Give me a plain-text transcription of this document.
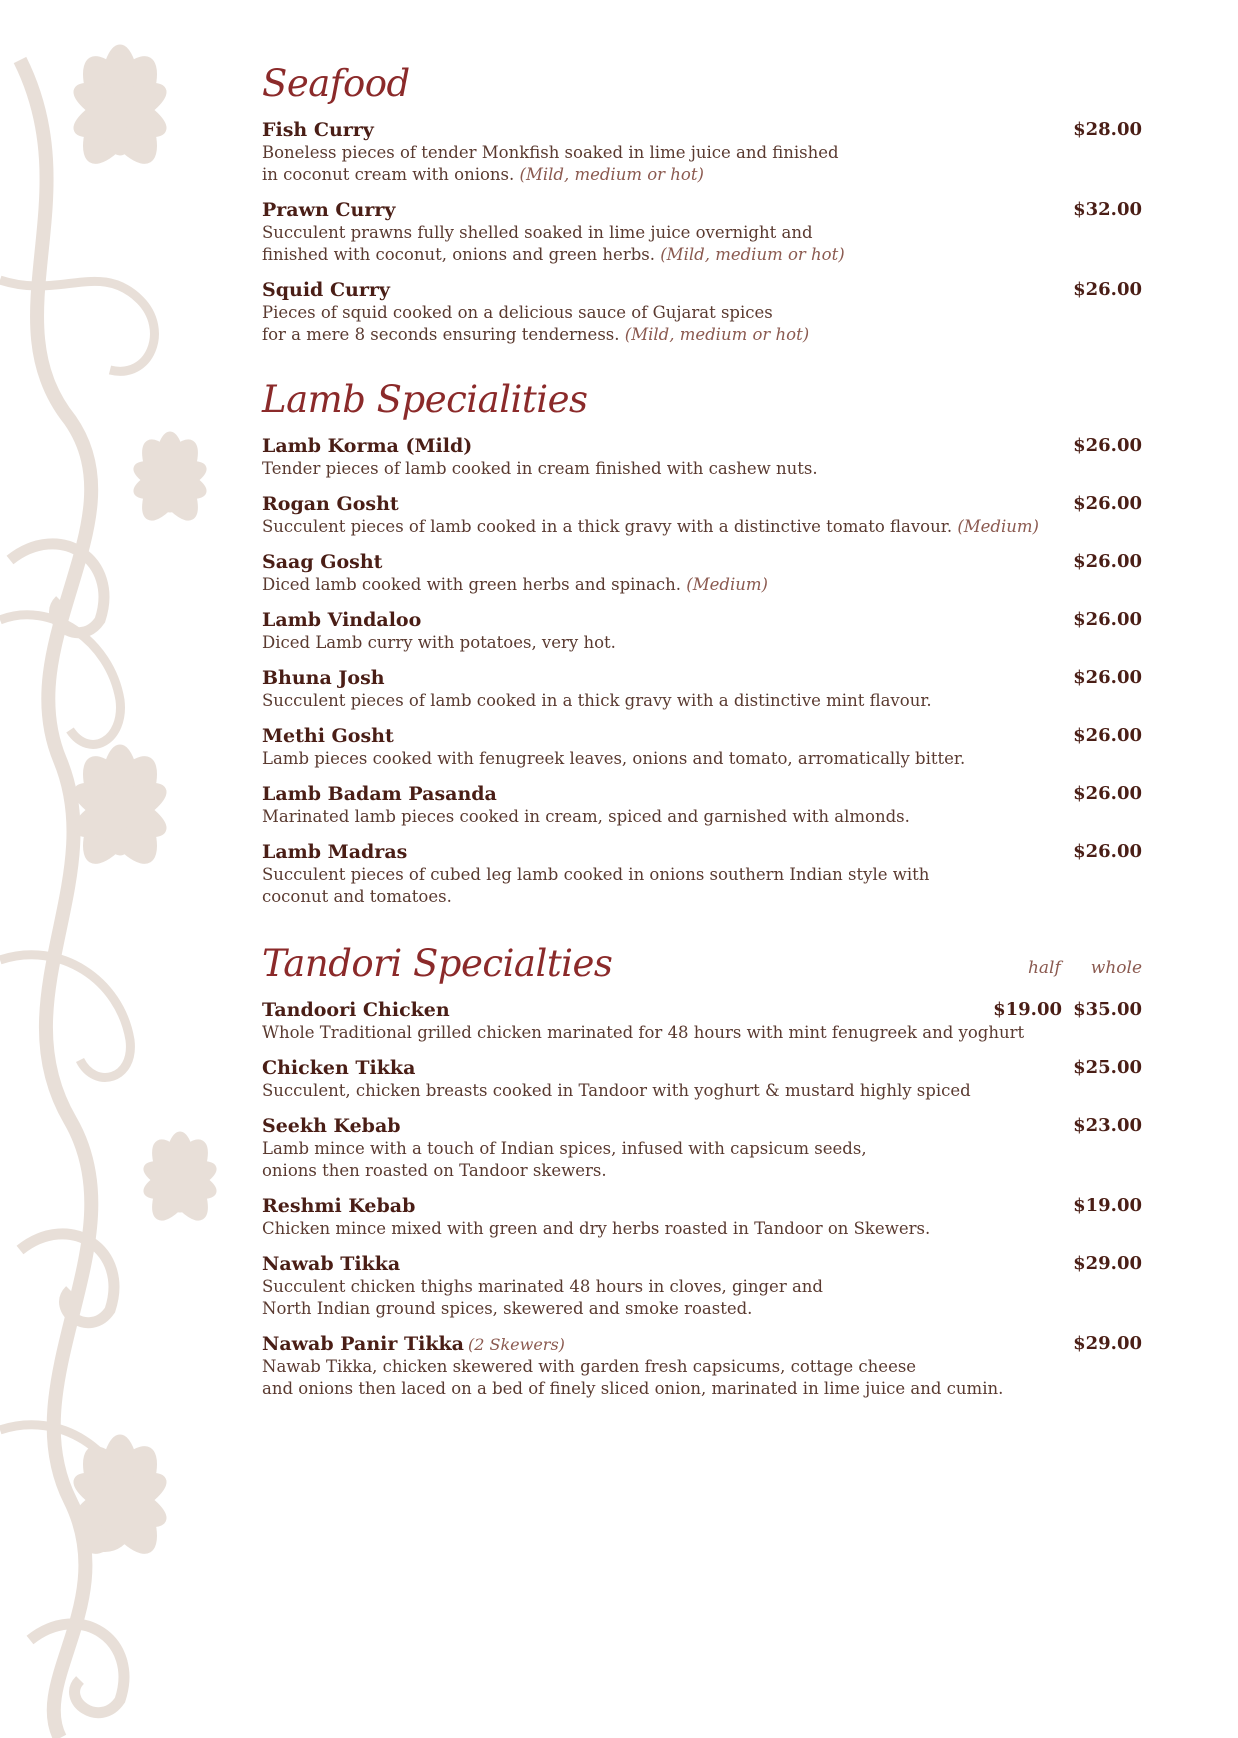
Seafood
Fish Curry	$28.00
Boneless pieces of tender Monkfish soaked in lime juice and finished
in coconut cream with onions. (Mild, medium or hot)
Prawn Curry	$32.00
Succulent prawns fully shelled soaked in lime juice overnight and
finished with coconut, onions and green herbs. (Mild, medium or hot)
Squid Curry	$26.00
Pieces of squid cooked on a delicious sauce of Gujarat spices
for a mere 8 seconds ensuring tenderness. (Mild, medium or hot)
Lamb Specialities
Lamb Korma (Mild)	$26.00
Tender pieces of lamb cooked in cream finished with cashew nuts.
Rogan Gosht	$26.00
Succulent pieces of lamb cooked in a thick gravy with a distinctive tomato flavour. (Medium)
Saag Gosht	$26.00
Diced lamb cooked with green herbs and spinach. (Medium)
Lamb Vindaloo	$26.00
Diced Lamb curry with potatoes, very hot.
Bhuna Josh	$26.00
Succulent pieces of lamb cooked in a thick gravy with a distinctive mint flavour.
Methi Gosht	$26.00
Lamb pieces cooked with fenugreek leaves, onions and tomato, arromatically bitter.
Lamb Badam Pasanda	$26.00
Marinated lamb pieces cooked in cream, spiced and garnished with almonds.
Lamb Madras	$26.00
Succulent pieces of cubed leg lamb cooked in onions southern Indian style with
coconut and tomatoes.
Tandori Specialties	half whole
Tandoori Chicken	$19.00 $35.00
Whole Traditional grilled chicken marinated for 48 hours with mint fenugreek and yoghurt
Chicken Tikka	$25.00
Succulent, chicken breasts cooked in Tandoor with yoghurt & mustard highly spiced
Seekh Kebab	$23.00
Lamb mince with a touch of Indian spices, infused with capsicum seeds,
onions then roasted on Tandoor skewers.
Reshmi Kebab	$19.00
Chicken mince mixed with green and dry herbs roasted in Tandoor on Skewers.
Nawab Tikka	$29.00
Succulent chicken thighs marinated 48 hours in cloves, ginger and
North Indian ground spices, skewered and smoke roasted.
Nawab Panir Tikka (2 Skewers)	$29.00
Nawab Tikka, chicken skewered with garden fresh capsicums, cottage cheese
and onions then laced on a bed of finely sliced onion, marinated in lime juice and cumin.
